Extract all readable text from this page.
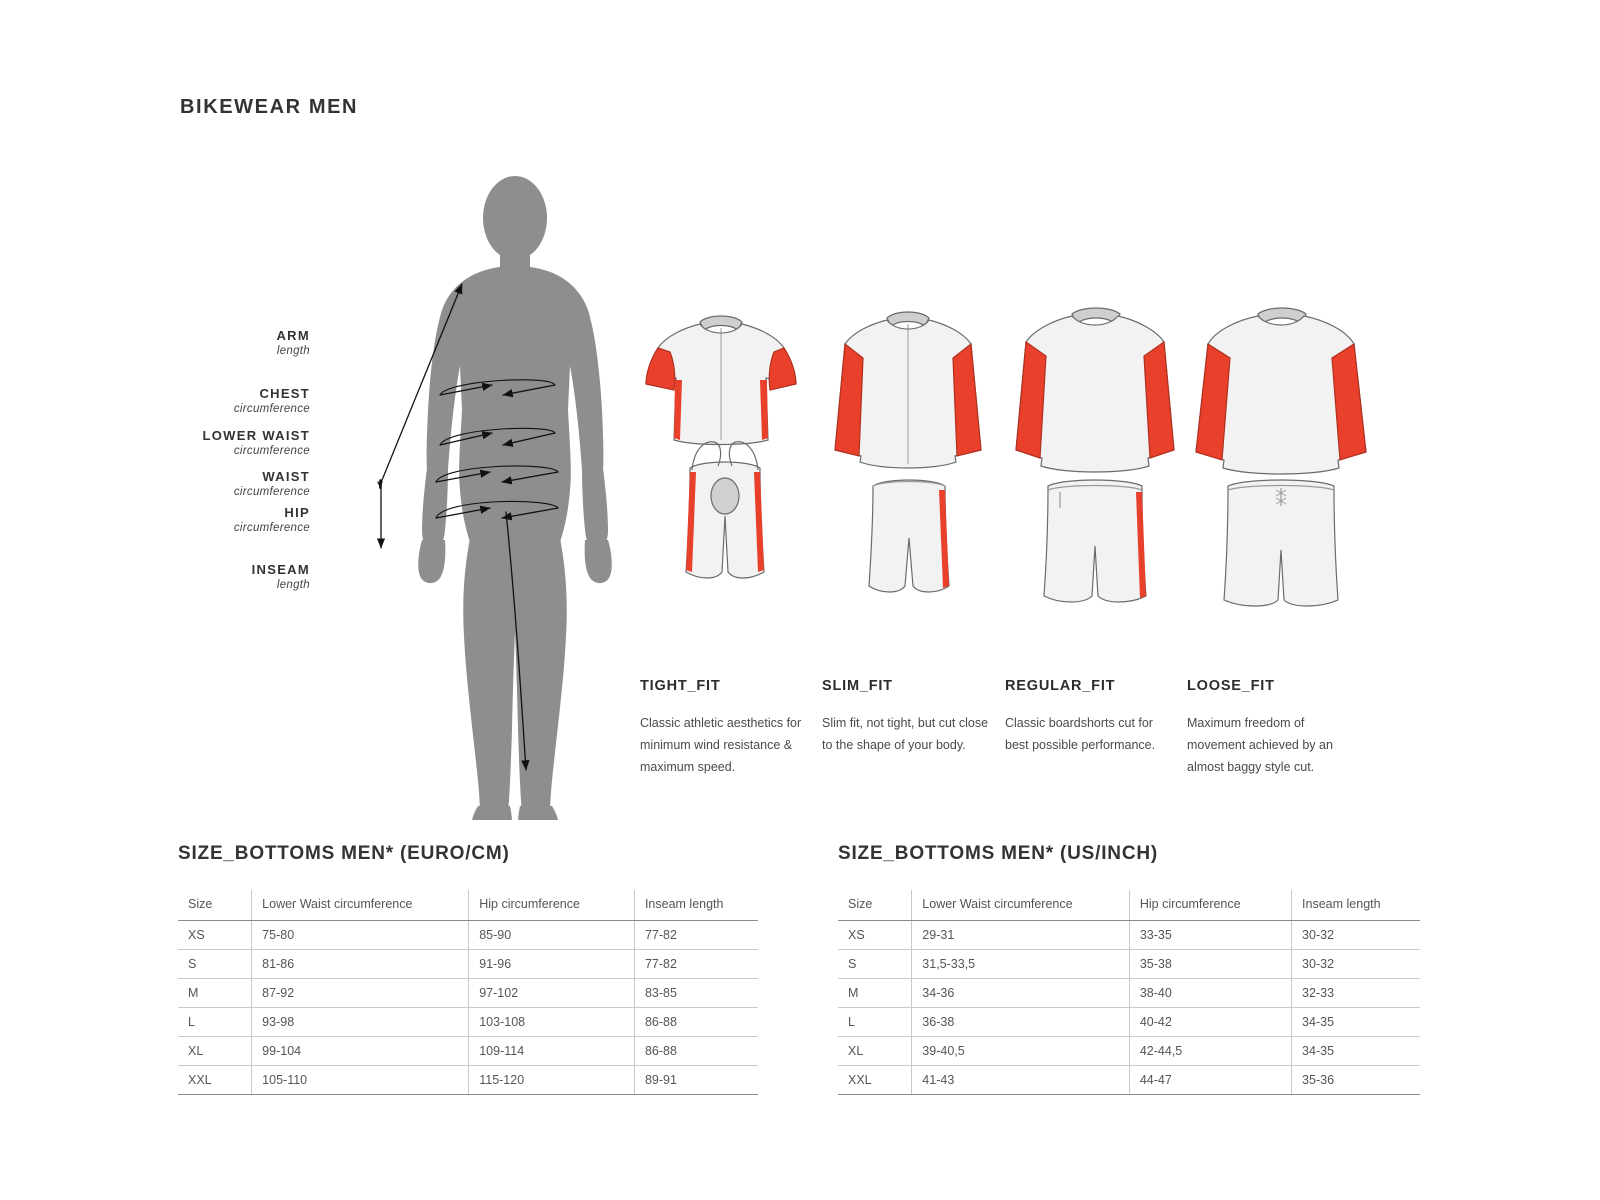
BIKEWEAR MEN
ARM
length
CHEST
circumference
LOWER WAIST
circumference
WAIST
circumference
HIP
circumference
INSEAM
length
TIGHT_FIT
Classic athletic aesthetics for minimum wind resistance & maximum speed.
SLIM_FIT
Slim fit, not tight, but cut close to the shape of your body.
REGULAR_FIT
Classic boardshorts cut for best possible performance.
LOOSE_FIT
Maximum freedom of movement achieved by an almost baggy style cut.
SIZE_BOTTOMS MEN* (EURO/CM)
Size	Lower Waist circumference	Hip circumference	Inseam length
XS	75-80	85-90	77-82
S	81-86	91-96	77-82
M	87-92	97-102	83-85
L	93-98	103-108	86-88
XL	99-104	109-114	86-88
XXL	105-110	115-120	89-91
SIZE_BOTTOMS MEN* (US/INCH)
Size	Lower Waist circumference	Hip circumference	Inseam length
XS	29-31	33-35	30-32
S	31,5-33,5	35-38	30-32
M	34-36	38-40	32-33
L	36-38	40-42	34-35
XL	39-40,5	42-44,5	34-35
XXL	41-43	44-47	35-36
